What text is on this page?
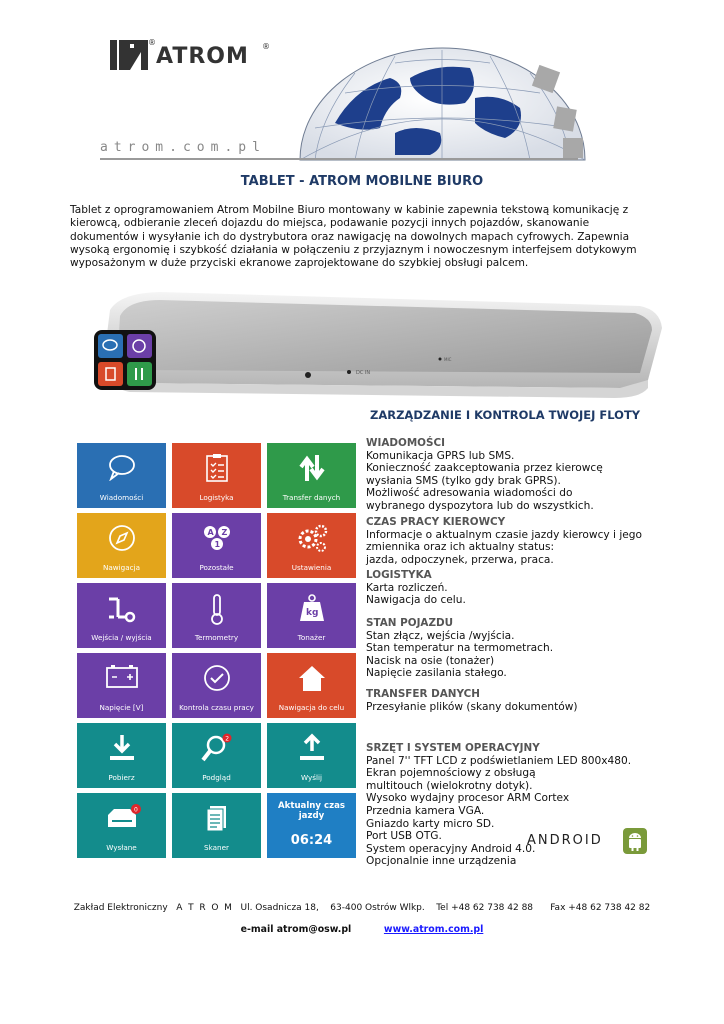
®
ATROM ®
atrom.com.pl
TABLET - ATROM MOBILNE BIURO
Tablet z oprogramowaniem Atrom Mobilne Biuro montowany w kabinie zapewnia tekstową komunikację z kierowcą, odbieranie zleceń dojazdu do miejsca, podawanie pozycji innych pojazdów, skanowanie dokumentów i wysyłanie ich do dystrybutora oraz nawigację na dowolnych mapach cyfrowych. Zapewnia wysoką ergonomię i szybkość działania w połączeniu z przyjaznym i nowoczesnym interfejsem dotykowym wyposażonym w duże przyciski ekranowe zaprojektowane do szybkiej obsługi palcem.
DC IN
MIC
ZARZĄDZANIE I KONTROLA TWOJEJ FLOTY
Wiadomości	Logistyka	Transfer danych
Nawigacja
A Z
1
Pozostałe	Ustawienia
Wejścia / wyjścia	Termometry
kg
Tonażer
Napięcie [V]	Kontrola czasu pracy	Nawigacja do celu
Pobierz
2
Podgląd	Wyślij
0
Wysłane	Skaner
Aktualny czas
jazdy
06:24
WIADOMOŚCI
Komunikacja GPRS lub SMS.
Konieczność zaakceptowania przez kierowcę
wysłania SMS (tylko gdy brak GPRS).
Możliwość adresowania wiadomości do
wybranego dyspozytora lub do wszystkich.
CZAS PRACY KIEROWCY
Informacje o aktualnym czasie jazdy kierowcy i jego
zmiennika oraz ich aktualny status:
jazda, odpoczynek, przerwa, praca.
LOGISTYKA
Karta rozliczeń.
Nawigacja do celu.
STAN POJAZDU
Stan złącz, wejścia /wyjścia.
Stan temperatur na termometrach.
Nacisk na osie (tonażer)
Napięcie zasilania stałego.
TRANSFER DANYCH
Przesyłanie plików (skany dokumentów)
SRZĘT I SYSTEM OPERACYJNY
Panel 7'' TFT LCD z podświetlaniem LED 800x480.
Ekran pojemnościowy z obsługą
multitouch (wielokrotny dotyk).
Wysoko wydajny procesor ARM Cortex
Przednia kamera VGA.
Gniazdo karty micro SD.
Port USB OTG.
System operacyjny Android 4.0.
Opcjonalnie inne urządzenia
ANDROID
Zakład Elektroniczny   A  T  R  O  M   Ul. Osadnicza 18,    63-400 Ostrów Wlkp.    Tel +48 62 738 42 88      Fax +48 62 738 42 82
e-mail atrom@osw.pl	www.atrom.com.pl
